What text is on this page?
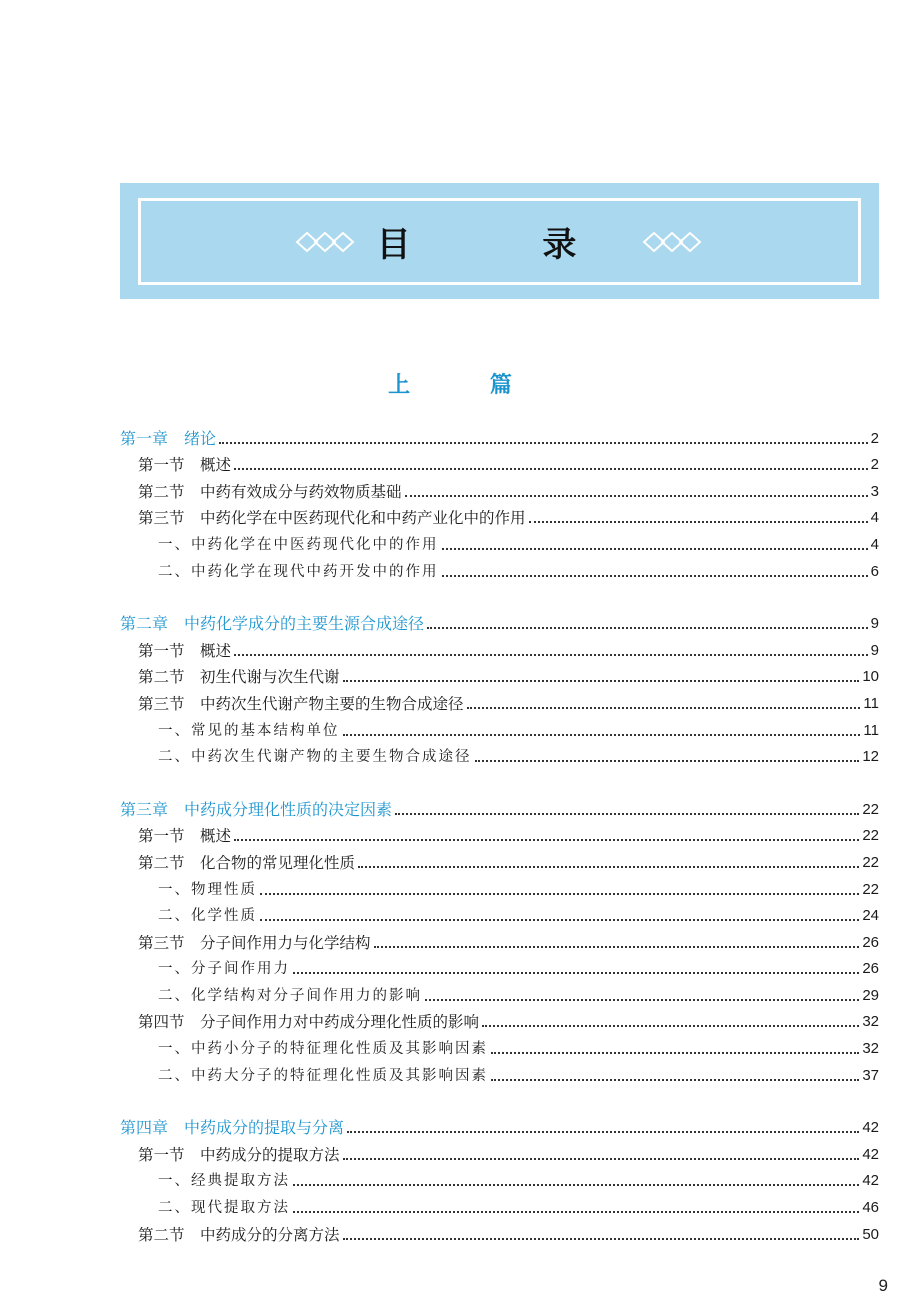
目 录
上 篇
第一章　绪论	2
第一节　概述	2
第二节　中药有效成分与药效物质基础	3
第三节　中药化学在中医药现代化和中药产业化中的作用	4
一、中药化学在中医药现代化中的作用	4
二、中药化学在现代中药开发中的作用	6
第二章　中药化学成分的主要生源合成途径	9
第一节　概述	9
第二节　初生代谢与次生代谢	10
第三节　中药次生代谢产物主要的生物合成途径	11
一、常见的基本结构单位	11
二、中药次生代谢产物的主要生物合成途径	12
第三章　中药成分理化性质的决定因素	22
第一节　概述	22
第二节　化合物的常见理化性质	22
一、物理性质	22
二、化学性质	24
第三节　分子间作用力与化学结构	26
一、分子间作用力	26
二、化学结构对分子间作用力的影响	29
第四节　分子间作用力对中药成分理化性质的影响	32
一、中药小分子的特征理化性质及其影响因素	32
二、中药大分子的特征理化性质及其影响因素	37
第四章　中药成分的提取与分离	42
第一节　中药成分的提取方法	42
一、经典提取方法	42
二、现代提取方法	46
第二节　中药成分的分离方法	50
9
